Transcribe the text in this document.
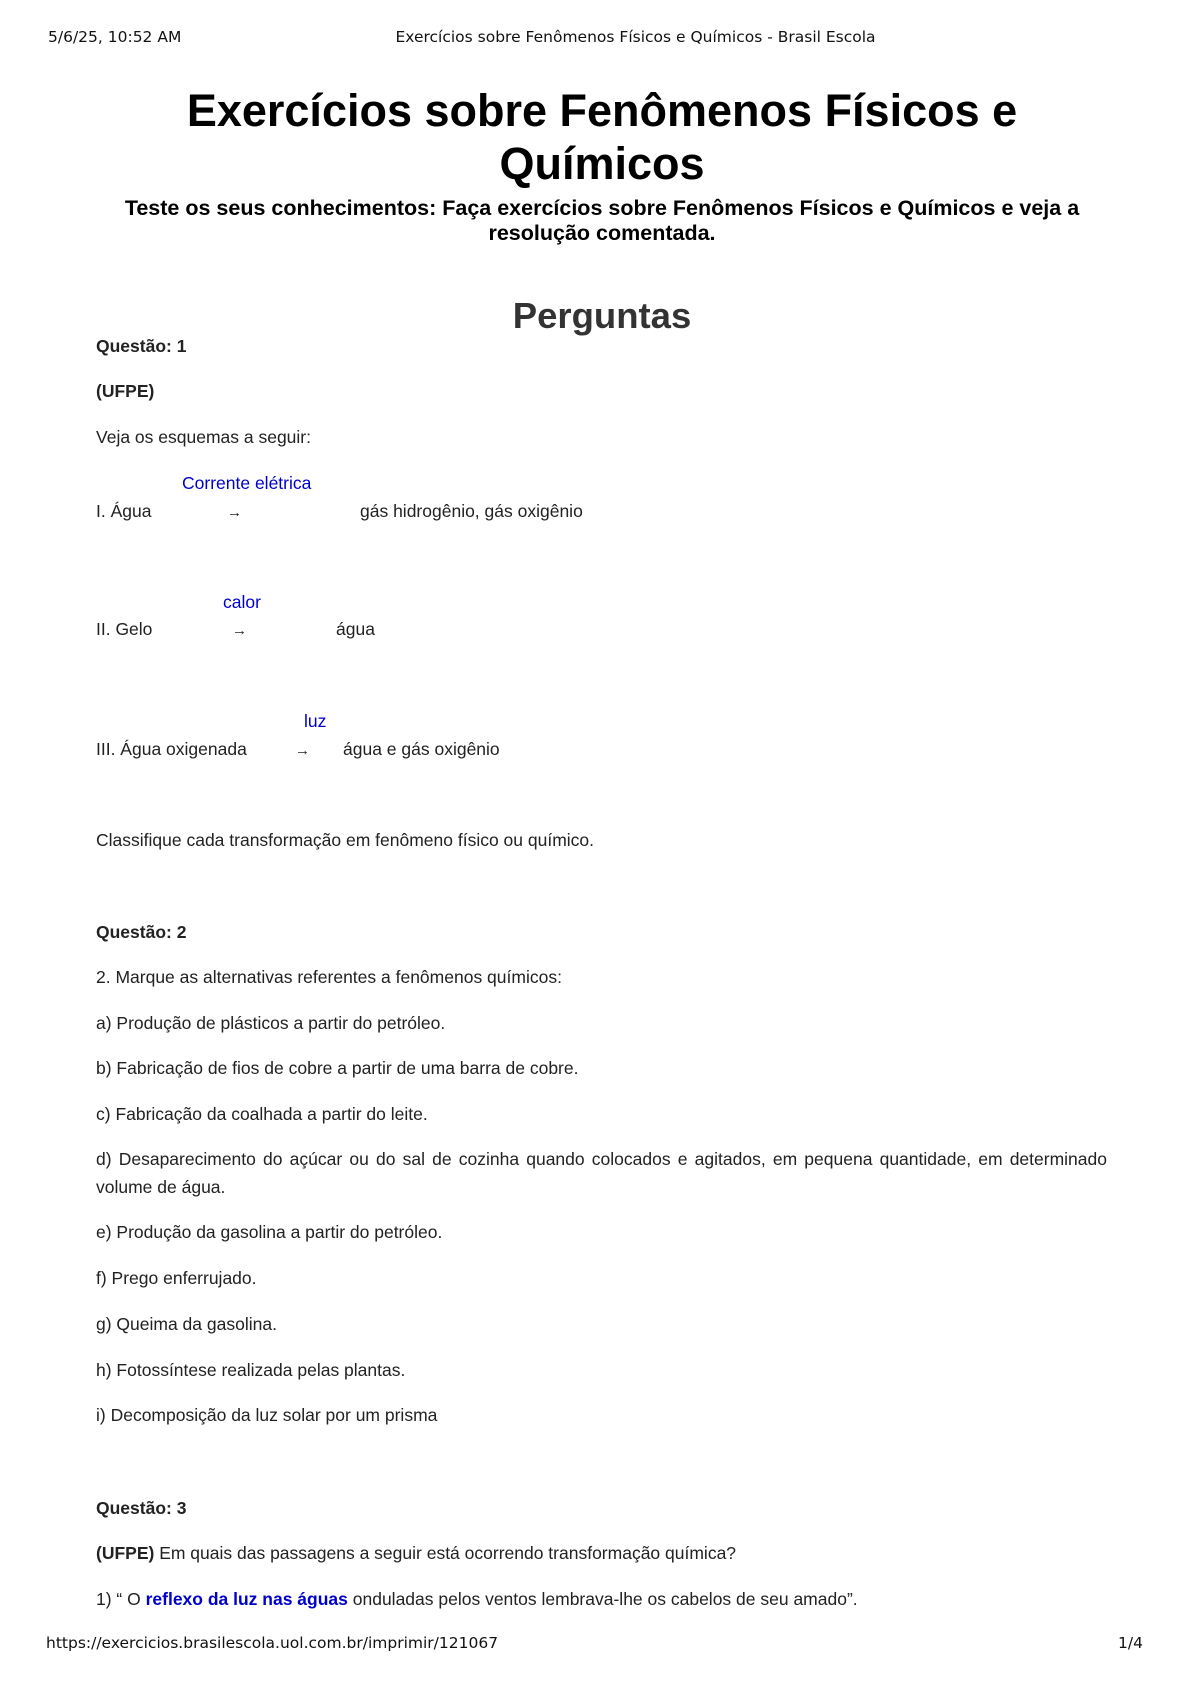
5/6/25, 10:52 AM	Exercícios sobre Fenômenos Físicos e Químicos - Brasil Escola
Exercícios sobre Fenômenos Físicos e Químicos
Teste os seus conhecimentos: Faça exercícios sobre Fenômenos Físicos e Químicos e veja a resolução comentada.
Perguntas
Questão: 1
(UFPE)
Veja os esquemas a seguir:
Corrente elétrica
I. Água	→	gás hidrogênio, gás oxigênio
calor
II. Gelo	→	água
luz
III. Água oxigenada	→ água e gás oxigênio
Classifique cada transformação em fenômeno físico ou químico.
Questão: 2
2. Marque as alternativas referentes a fenômenos químicos:
a) Produção de plásticos a partir do petróleo.
b) Fabricação de fios de cobre a partir de uma barra de cobre.
c) Fabricação da coalhada a partir do leite.
d) Desaparecimento do açúcar ou do sal de cozinha quando colocados e agitados, em pequena quantidade, em determinado volume de água.
e) Produção da gasolina a partir do petróleo.
f) Prego enferrujado.
g) Queima da gasolina.
h) Fotossíntese realizada pelas plantas.
i) Decomposição da luz solar por um prisma
Questão: 3
(UFPE) Em quais das passagens a seguir está ocorrendo transformação química?
1) “ O reflexo da luz nas águas onduladas pelos ventos lembrava-lhe os cabelos de seu amado”.
https://exercicios.brasilescola.uol.com.br/imprimir/121067	1/4
